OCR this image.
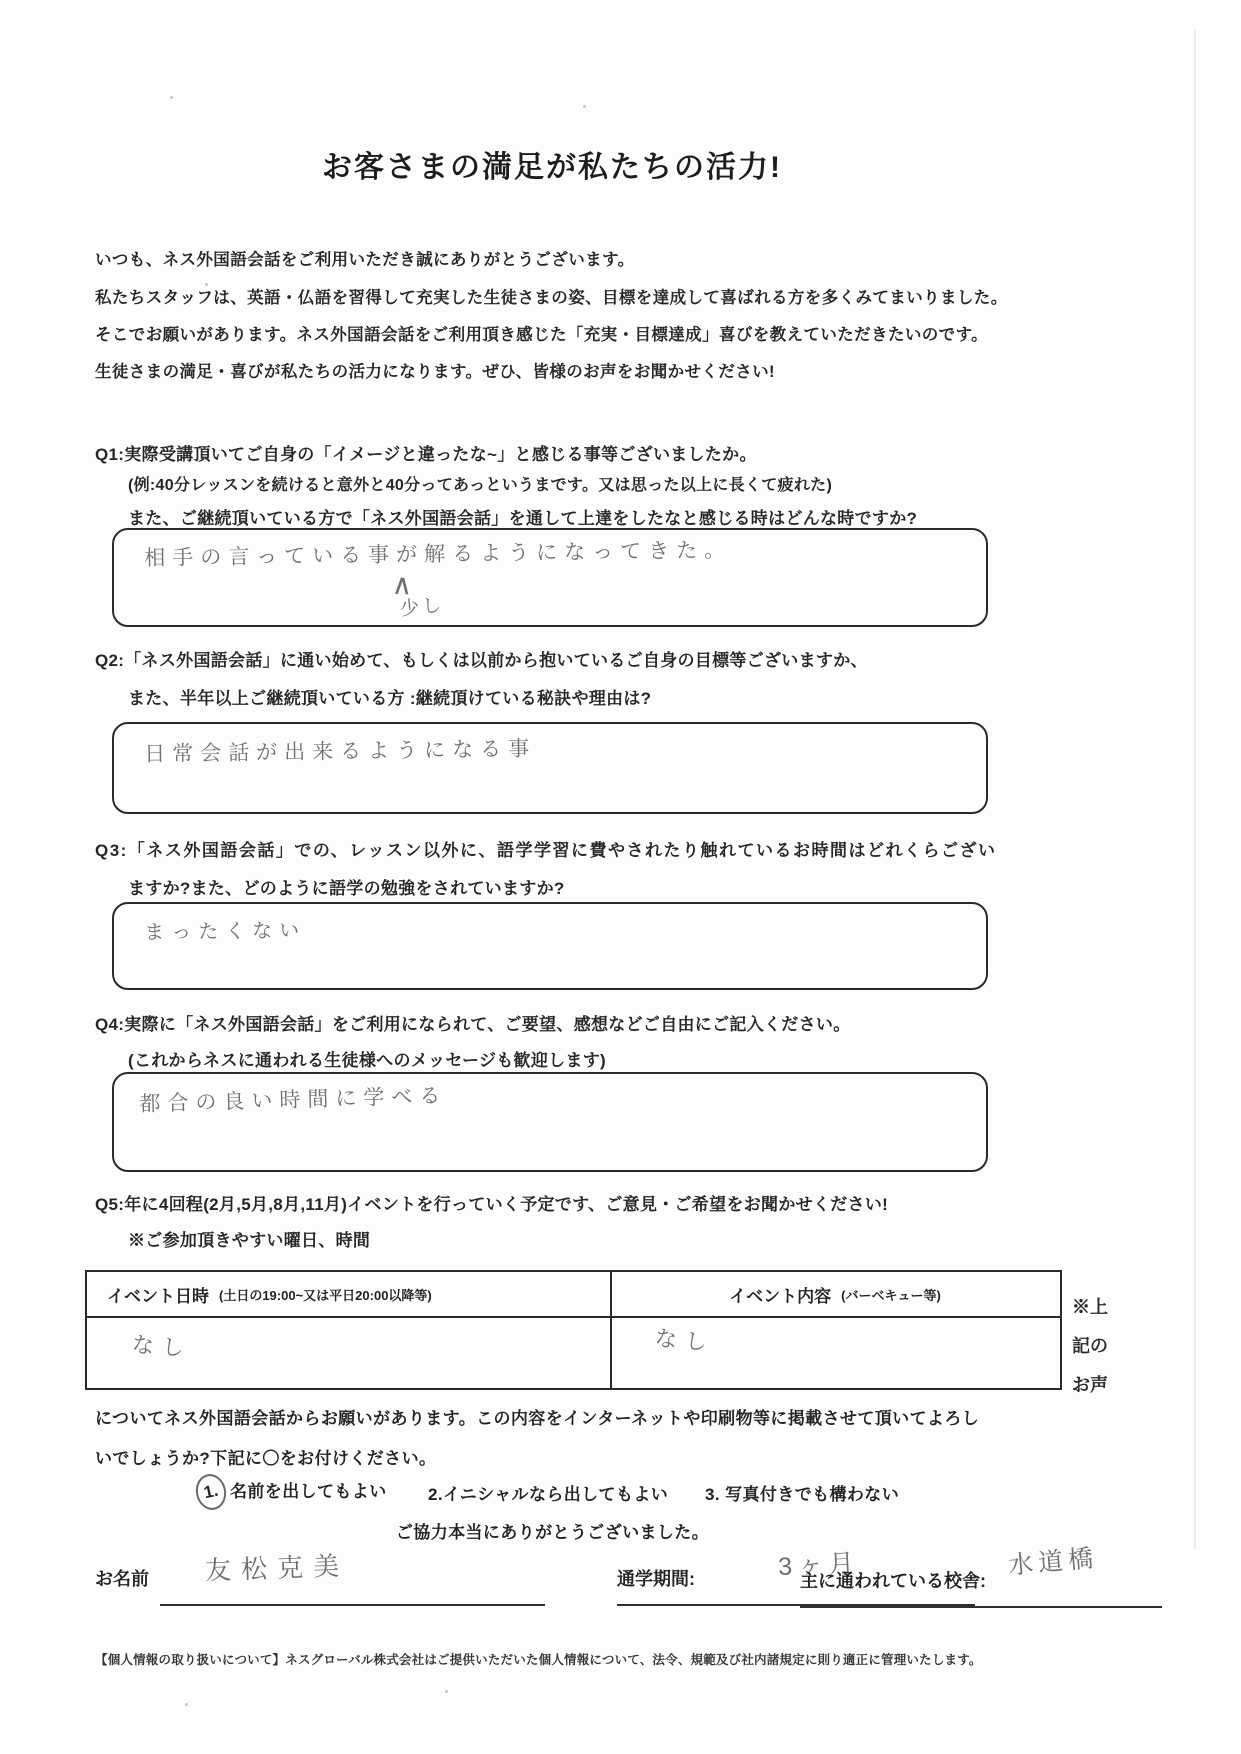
お客さまの満足が私たちの活力!
いつも、ネス外国語会話をご利用いただき誠にありがとうございます。
私たちスタッフは、英語・仏語を習得して充実した生徒さまの姿、目標を達成して喜ばれる方を多くみてまいりました。
そこでお願いがあります。ネス外国語会話をご利用頂き感じた「充実・目標達成」喜びを教えていただきたいのです。
生徒さまの満足・喜びが私たちの活力になります。ぜひ、皆様のお声をお聞かせください!
Q1:実際受講頂いてご自身の「イメージと違ったな~」と感じる事等ございましたか。
(例:40分レッスンを続けると意外と40分ってあっというまです。又は思った以上に長くて疲れた)
また、ご継続頂いている方で「ネス外国語会話」を通して上達をしたなと感じる時はどんな時ですか?
相手の言っている事が解るようになってきた。
∧
少し
Q2:「ネス外国語会話」に通い始めて、もしくは以前から抱いているご自身の目標等ございますか、
また、半年以上ご継続頂いている方 :継続頂けている秘訣や理由は?
日常会話が出来るようになる事
Q3:「ネス外国語会話」での、レッスン以外に、語学学習に費やされたり触れているお時間はどれくらござい
ますか?また、どのように語学の勉強をされていますか?
まったくない
Q4:実際に「ネス外国語会話」をご利用になられて、ご要望、感想などご自由にご記入ください。
(これからネスに通われる生徒様へのメッセージも歓迎します)
都合の良い時間に学べる
Q5:年に4回程(2月,5月,8月,11月)イベントを行っていく予定です、ご意見・ご希望をお聞かせください!
※ご参加頂きやすい曜日、時間
イベント日時 (土日の19:00~又は平日20:00以降等)	イベント内容 (バーベキュー等)
なし	なし
※上
記の
お声
についてネス外国語会話からお願いがあります。この内容をインターネットや印刷物等に掲載させて頂いてよろし
いでしょうか?下記に〇をお付けください。
1. 名前を出してもよい 2.イニシャルなら出してもよい 3. 写真付きでも構わない
ご協力本当にありがとうございました。
お名前 友松克美	通学期間:	3ヶ月
主に通われている校舎:
水道橋
【個人情報の取り扱いについて】ネスグローバル株式会社はご提供いただいた個人情報について、法令、規範及び社内諸規定に則り適正に管理いたします。
